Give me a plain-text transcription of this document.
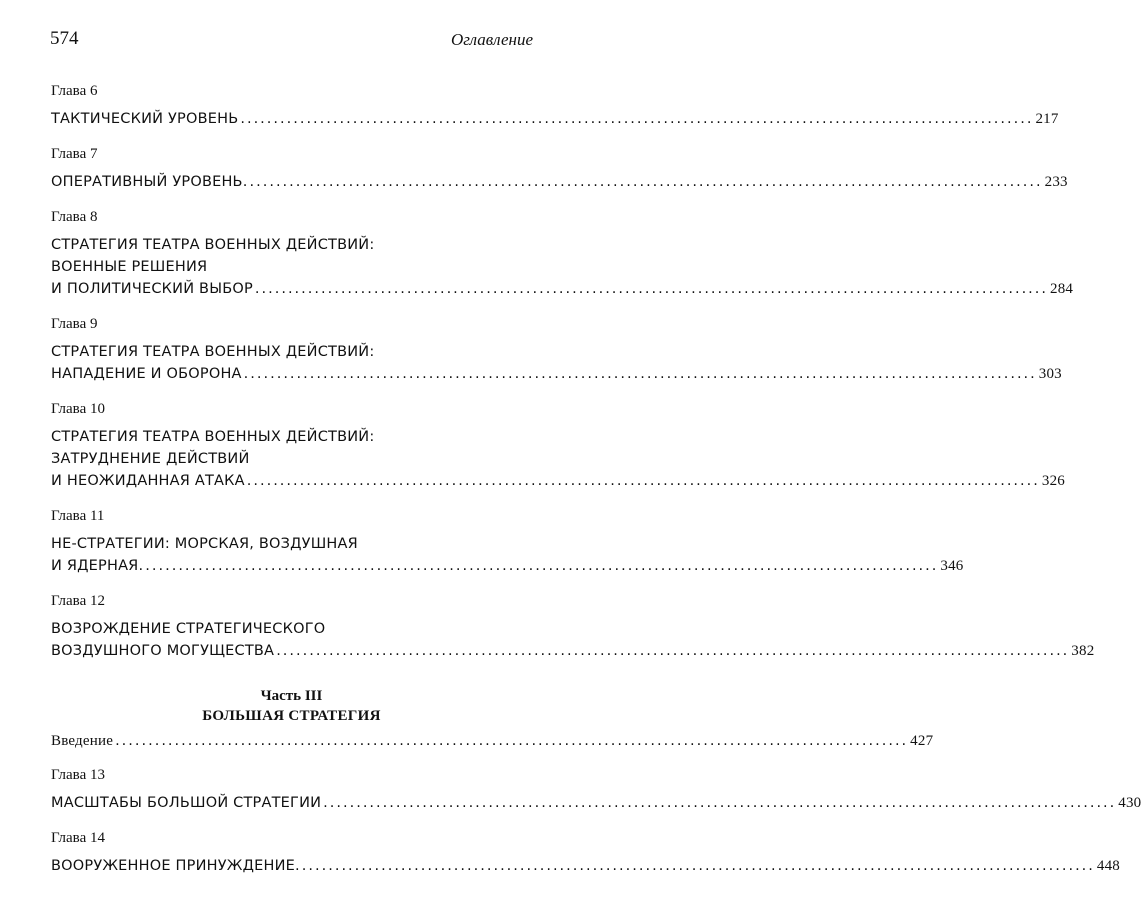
574	Оглавление
Глава 6
ТАКТИЧЕСКИЙ УРОВЕНЬ ........................................................................................................................ 217
Глава 7
ОПЕРАТИВНЫЙ УРОВЕНЬ. ........................................................................................................................ 233
Глава 8
СТРАТЕГИЯ ТЕАТРА ВОЕННЫХ ДЕЙСТВИЙ:
ВОЕННЫЕ РЕШЕНИЯ
И ПОЛИТИЧЕСКИЙ ВЫБОР ........................................................................................................................ 284
Глава 9
СТРАТЕГИЯ ТЕАТРА ВОЕННЫХ ДЕЙСТВИЙ:
НАПАДЕНИЕ И ОБОРОНА ........................................................................................................................ 303
Глава 10
СТРАТЕГИЯ ТЕАТРА ВОЕННЫХ ДЕЙСТВИЙ:
ЗАТРУДНЕНИЕ ДЕЙСТВИЙ
И НЕОЖИДАННАЯ АТАКА ........................................................................................................................ 326
Глава 11
НЕ-СТРАТЕГИИ: МОРСКАЯ, ВОЗДУШНАЯ
И ЯДЕРНАЯ. ........................................................................................................................ 346
Глава 12
ВОЗРОЖДЕНИЕ СТРАТЕГИЧЕСКОГО
ВОЗДУШНОГО МОГУЩЕСТВА ........................................................................................................................ 382
Часть III
БОЛЬШАЯ СТРАТЕГИЯ
Введение ........................................................................................................................ 427
Глава 13
МАСШТАБЫ БОЛЬШОЙ СТРАТЕГИИ ........................................................................................................................ 430
Глава 14
ВООРУЖЕННОЕ ПРИНУЖДЕНИЕ. ........................................................................................................................ 448
